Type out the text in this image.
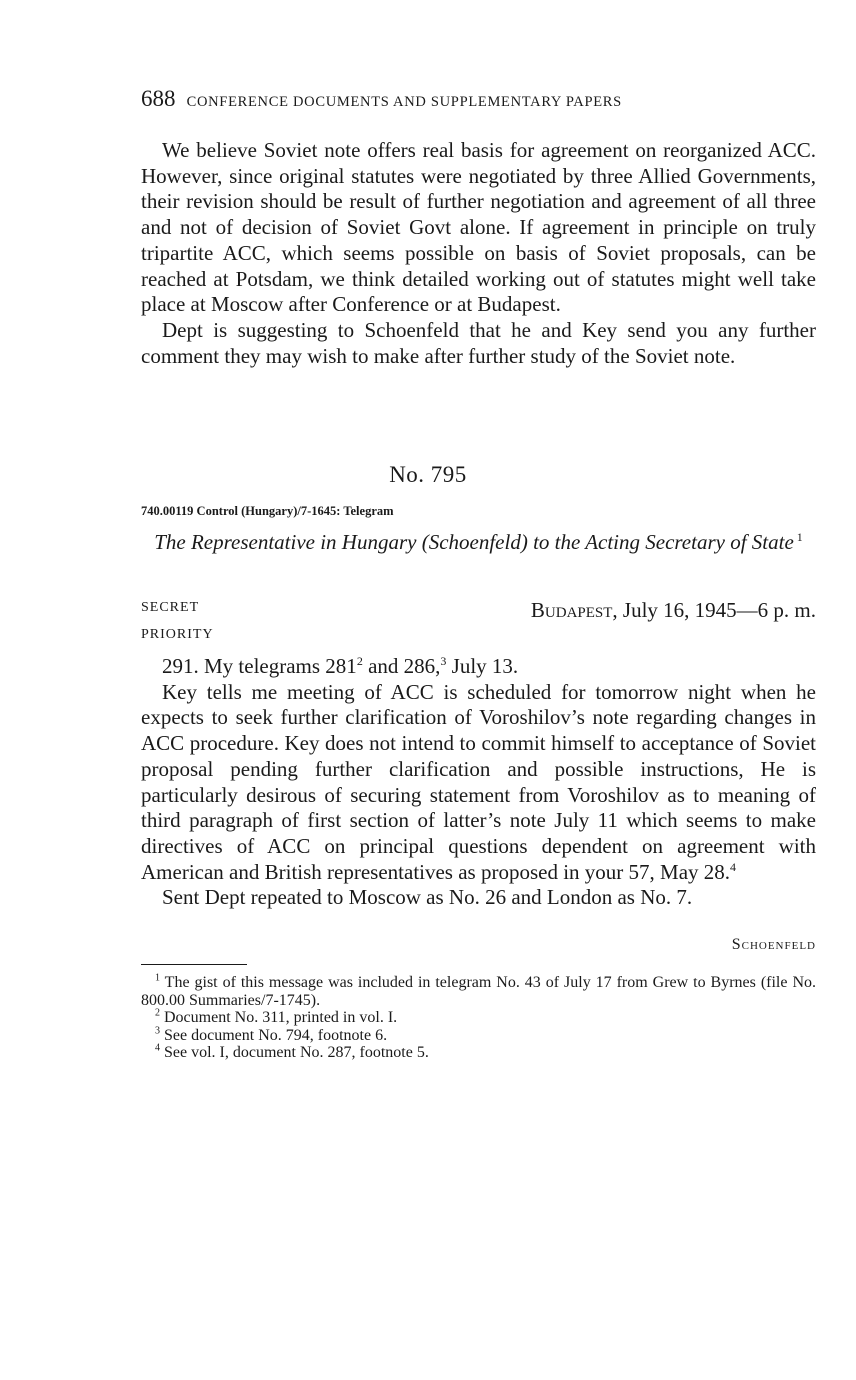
688 CONFERENCE DOCUMENTS AND SUPPLEMENTARY PAPERS

We believe Soviet note offers real basis for agreement on reorganized ACC. However, since original statutes were negotiated by three Allied Governments, their revision should be result of further negotiation and agreement of all three and not of decision of Soviet Govt alone. If agreement in principle on truly tripartite ACC, which seems possible on basis of Soviet proposals, can be reached at Potsdam, we think detailed working out of statutes might well take place at Moscow after Conference or at Budapest.

Dept is suggesting to Schoenfeld that he and Key send you any further comment they may wish to make after further study of the Soviet note.

No. 795
740.00119 Control (Hungary)/7-1645: Telegram
The Representative in Hungary (Schoenfeld) to the Acting Secretary of State $^1$
SECRET
PRIORITY
Budapest, July 16, 1945—6 p. m.

291. My telegrams 281$^2$ and 286,$^3$ July 13.

Key tells me meeting of ACC is scheduled for tomorrow night when he expects to seek further clarification of Voroshilov’s note regarding changes in ACC procedure. Key does not intend to commit himself to acceptance of Soviet proposal pending further clarification and possible instructions, He is particularly desirous of securing statement from Voroshilov as to meaning of third paragraph of first section of latter’s note July 11 which seems to make directives of ACC on principal questions dependent on agreement with American and British representatives as proposed in your 57, May 28.$^4$

Sent Dept repeated to Moscow as No. 26 and London as No. 7.

Schoenfeld

$^1$ The gist of this message was included in telegram No. 43 of July 17 from Grew to Byrnes (file No. 800.00 Summaries/7-1745).

$^2$ Document No. 311, printed in vol. I.

$^3$ See document No. 794, footnote 6.

$^4$ See vol. I, document No. 287, footnote 5.
